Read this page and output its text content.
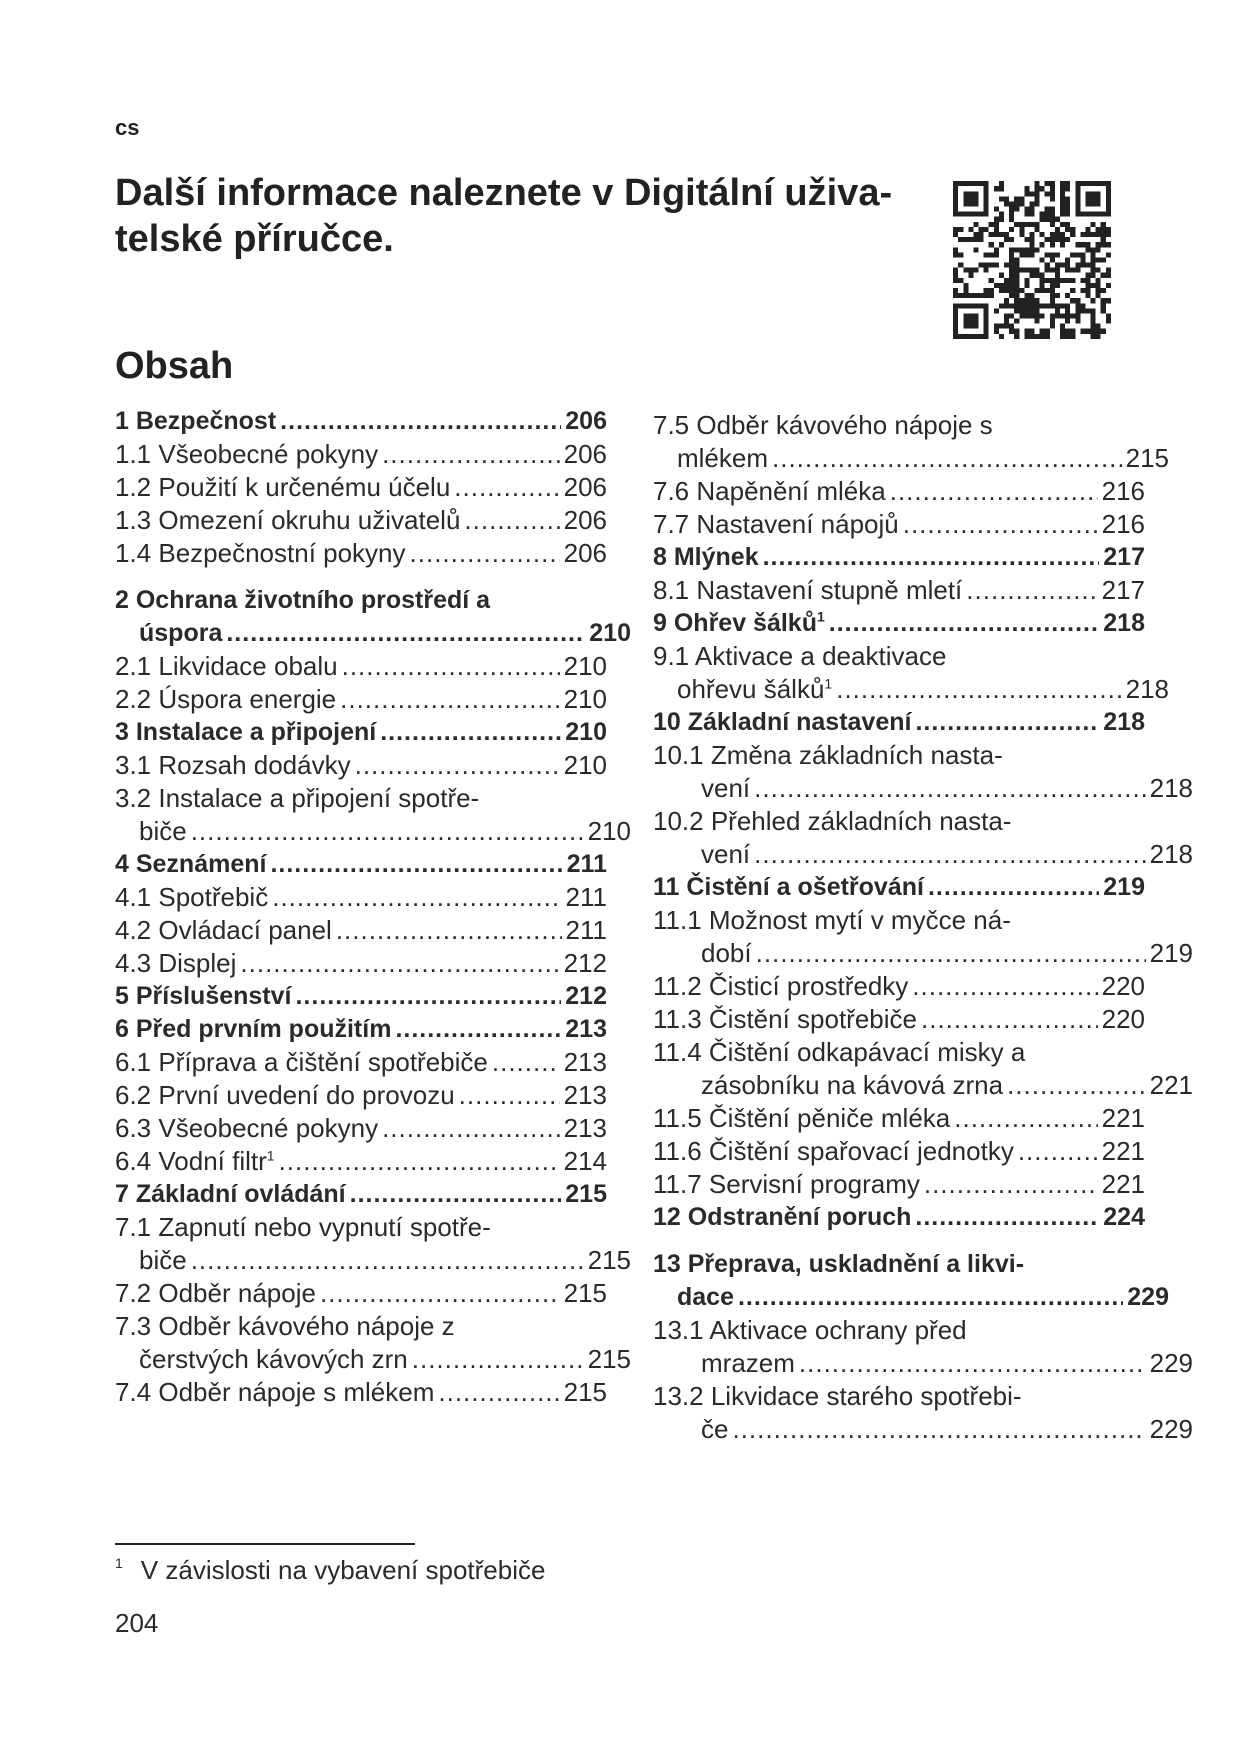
cs
Další informace naleznete v Digitální uživa-
telské příručce.
Obsah
1 Bezpečnost .....	206
1.1 Všeobecné pokyny .....	206
1.2 Použití k určenému účelu .....	206
1.3 Omezení okruhu uživatelů .....	206
1.4 Bezpečnostní pokyny .....	206
2 Ochrana životního prostředí a
úspora .....	210
2.1 Likvidace obalu .....	210
2.2 Úspora energie .....	210
3 Instalace a připojení .....	210
3.1 Rozsah dodávky .....	210
3.2 Instalace a připojení spotře-
biče .....	210
4 Seznámení .....	211
4.1 Spotřebič .....	211
4.2 Ovládací panel .....	211
4.3 Displej .....	212
5 Příslušenství .....	212
6 Před prvním použitím .....	213
6.1 Příprava a čištění spotřebiče .....	213
6.2 První uvedení do provozu .....	213
6.3 Všeobecné pokyny .....	213
6.4 Vodní filtr$^1$ .....	214
7 Základní ovládání .....	215
7.1 Zapnutí nebo vypnutí spotře-
biče .....	215
7.2 Odběr nápoje .....	215
7.3 Odběr kávového nápoje z
čerstvých kávových zrn .....	215
7.4 Odběr nápoje s mlékem .....	215
7.5 Odběr kávového nápoje s
mlékem .....	215
7.6 Napěnění mléka .....	216
7.7 Nastavení nápojů .....	216
8 Mlýnek .....	217
8.1 Nastavení stupně mletí .....	217
9 Ohřev šálků$^1$ .....	218
9.1 Aktivace a deaktivace
ohřevu šálků$^1$ .....	218
10 Základní nastavení .....	218
10.1 Změna základních nasta-
vení .....	218
10.2 Přehled základních nasta-
vení .....	218
11 Čistění a ošetřování .....	219
11.1 Možnost mytí v myčce ná-
dobí .....	219
11.2 Čisticí prostředky .....	220
11.3 Čistění spotřebiče .....	220
11.4 Čištění odkapávací misky a
zásobníku na kávová zrna .....	221
11.5 Čištění pěniče mléka .....	221
11.6 Čištění spařovací jednotky .....	221
11.7 Servisní programy .....	221
12 Odstranění poruch .....	224
13 Přeprava, uskladnění a likvi-
dace .....	229
13.1 Aktivace ochrany před
mrazem .....	229
13.2 Likvidace starého spotřebi-
če .....	229
$^1$ V závislosti na vybavení spotřebiče
204
